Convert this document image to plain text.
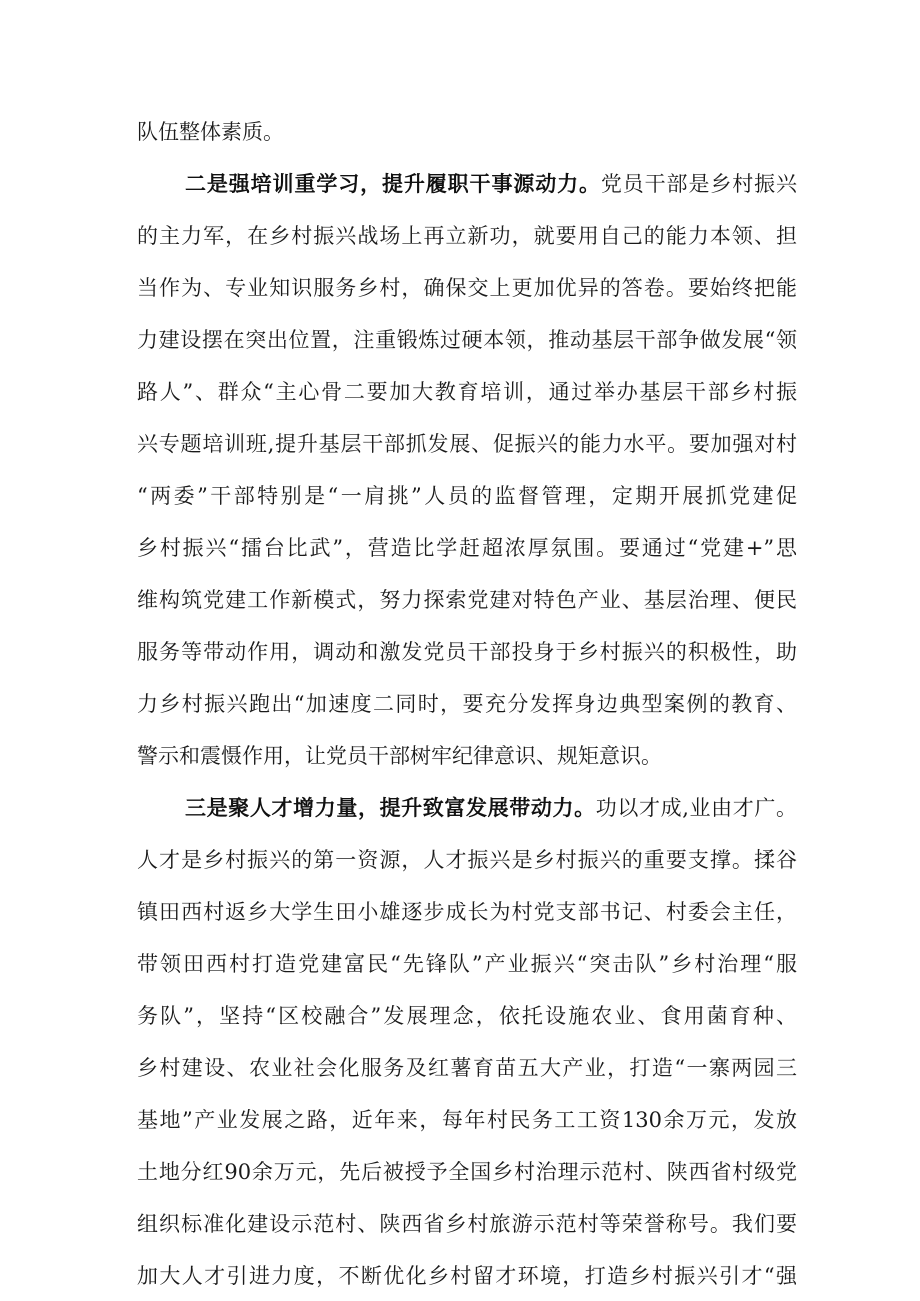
队伍整体素质。
二是强培训重学习，提升履职干事源动力。党员干部是乡村振兴
的主力军，在乡村振兴战场上再立新功，就要用自己的能力本领、担
当作为、专业知识服务乡村，确保交上更加优异的答卷。要始终把能
力建设摆在突出位置，注重锻炼过硬本领，推动基层干部争做发展“领
路人”、群众“主心骨二要加大教育培训，通过举办基层干部乡村振
兴专题培训班,提升基层干部抓发展、促振兴的能力水平。要加强对村
“两委”干部特别是“一肩挑”人员的监督管理，定期开展抓党建促
乡村振兴“擂台比武”，营造比学赶超浓厚氛围。要通过“党建+”思
维构筑党建工作新模式，努力探索党建对特色产业、基层治理、便民
服务等带动作用，调动和激发党员干部投身于乡村振兴的积极性，助
力乡村振兴跑出“加速度二同时，要充分发挥身边典型案例的教育、
警示和震慑作用，让党员干部树牢纪律意识、规矩意识。
三是聚人才增力量，提升致富发展带动力。功以才成,业由才广。
人才是乡村振兴的第一资源，人才振兴是乡村振兴的重要支撑。揉谷
镇田西村返乡大学生田小雄逐步成长为村党支部书记、村委会主任，
带领田西村打造党建富民“先锋队”产业振兴“突击队”乡村治理“服
务队”，坚持“区校融合”发展理念，依托设施农业、食用菌育种、
乡村建设、农业社会化服务及红薯育苗五大产业，打造“一寨两园三
基地”产业发展之路，近年来，每年村民务工工资130余万元，发放
土地分红90余万元，先后被授予全国乡村治理示范村、陕西省村级党
组织标准化建设示范村、陕西省乡村旅游示范村等荣誉称号。我们要
加大人才引进力度，不断优化乡村留才环境，打造乡村振兴引才“强
